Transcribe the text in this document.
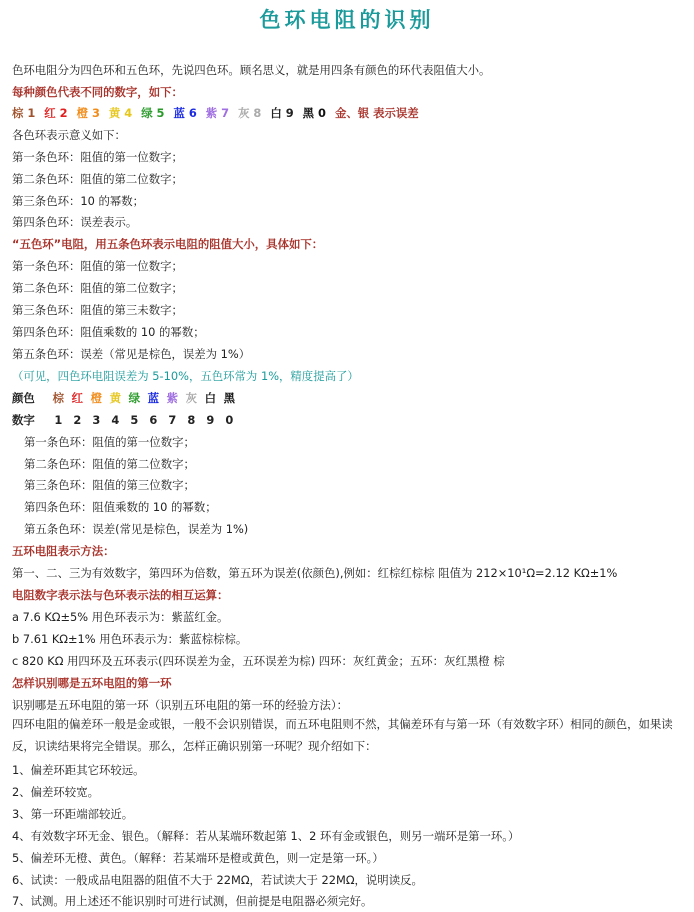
色环电阻的识别
色环电阻分为四色环和五色环，先说四色环。顾名思义，就是用四条有颜色的环代表阻值大小。
每种颜色代表不同的数字，如下：
棕 1 红 2 橙 3 黄 4 绿 5 蓝 6 紫 7 灰 8 白 9 黑 0 金、银 表示误差
各色环表示意义如下：
第一条色环：阻值的第一位数字；
第二条色环：阻值的第二位数字；
第三条色环：10 的幂数；
第四条色环：误差表示。
“五色环”电阻，用五条色环表示电阻的阻值大小，具体如下：
第一条色环：阻值的第一位数字；
第二条色环：阻值的第二位数字；
第三条色环：阻值的第三未数字；
第四条色环：阻值乘数的 10 的幂数；
第五条色环：误差（常见是棕色，误差为 1%）
（可见，四色环电阻误差为 5-10%，五色环常为 1%，精度提高了）
颜色 棕 红 橙 黄 绿 蓝 紫 灰 白 黑
数字 1 2 3 4 5 6 7 8 9 0
第一条色环：阻值的第一位数字；
第二条色环：阻值的第二位数字；
第三条色环：阻值的第三位数字；
第四条色环：阻值乘数的 10 的幂数；
第五条色环：误差(常见是棕色，误差为 1%)
五环电阻表示方法：
第一、二、三为有效数字，第四环为倍数，第五环为误差(依颜色),例如：红棕红棕棕 阻值为 212×10¹Ω=2.12 KΩ±1%
电阻数字表示法与色环表示法的相互运算：
a 7.6 KΩ±5% 用色环表示为：紫蓝红金。
b 7.61 KΩ±1% 用色环表示为：紫蓝棕棕棕。
c 820 KΩ 用四环及五环表示(四环误差为金，五环误差为棕) 四环：灰红黄金；五环：灰红黑橙 棕
怎样识别哪是五环电阻的第一环
识别哪是五环电阻的第一环（识别五环电阻的第一环的经验方法）：
四环电阻的偏差环一般是金或银，一般不会识别错误，而五环电阻则不然，其偏差环有与第一环（有效数字环）相同的颜色，如果读反，识读结果将完全错误。那么，怎样正确识别第一环呢？现介绍如下：
1、偏差环距其它环较远。
2、偏差环较宽。
3、第一环距端部较近。
4、有效数字环无金、银色。（解释：若从某端环数起第 1、2 环有金或银色，则另一端环是第一环。）
5、偏差环无橙、黄色。（解释：若某端环是橙或黄色，则一定是第一环。）
6、试读：一般成品电阻器的阻值不大于 22MΩ，若试读大于 22MΩ，说明读反。
7、试测。用上述还不能识别时可进行试测，但前提是电阻器必须完好。
